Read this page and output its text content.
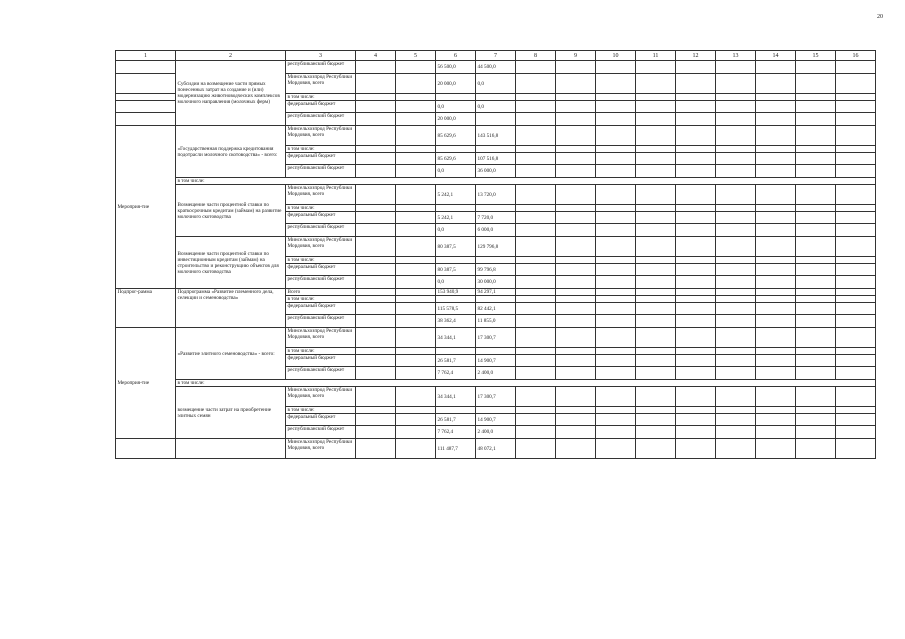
20
1	2	3	4	5	6	7	8	9	10	11	12	13	14	15	16
	Субсидии на возмещение части прямых понесенных затрат на создание и (или) модернизацию животноводческих комплексов молочного направления (молочных ферм)	республиканский бюджет			56 500,0	44 500,0									
		Минсельхозпрод Республики Мордовия, всего			20 000,0	0,0									
		в том числе:													
		федеральный бюджет			0,0	0,0									
		республиканский бюджет			20 000,0										
Мероприя-тие	«Государственная поддержка кредитования подотрасли молочного скотоводства» - всего:	Минсельхозпрод Республики Мордовия, всего			85 629,6	143 516,8									
		в том числе:													
		федеральный бюджет			85 629,6	107 516,8									
		республиканский бюджет			0,0	36 000,0									
	в том числе:														
	Возмещение части процентной ставки по краткосрочным кредитам (займам) на развитие молочного скотоводства	Минсельхозпрод Республики Мордовия, всего			5 242,1	13 720,0									
		в том числе:													
		федеральный бюджет			5 242,1	7 720,0									
		республиканский бюджет			0,0	6 000,0									
	Возмещение части процентной ставки по инвестиционным кредитам (займам) на строительство и реконструкцию объектов для молочного скотоводства	Минсельхозпрод Республики Мордовия, всего			80 387,5	129 796,8									
		в том числе:													
		федеральный бюджет			80 387,5	99 796,8									
		республиканский бюджет			0,0	30 000,0									
Подпрог-рамма	Подпрограмма «Развитие племенного дела, селекции и семеноводства»	Всего			153 940,9	94 297,1									
		в том числе:													
		федеральный бюджет			115 578,5	82 442,1									
		республиканский бюджет			38 362,4	11 855,0									
Мероприя-тие	«Развитие элитного семеноводства» - всего:	Минсельхозпрод Республики Мордовия, всего			34 344,1	17 300,7									
		в том числе:													
		федеральный бюджет			26 581,7	14 900,7									
		республиканский бюджет			7 762,4	2 400,0									
	в том числе:														
	возмещение части затрат на приобретение элитных семян	Минсельхозпрод Республики Мордовия, всего			34 344,1	17 300,7									
		в том числе:													
		федеральный бюджет			26 581,7	14 900,7									
		республиканский бюджет			7 762,4	2 400,0									
		Минсельхозпрод Республики Мордовия, всего			111 487,7	48 072,1									
